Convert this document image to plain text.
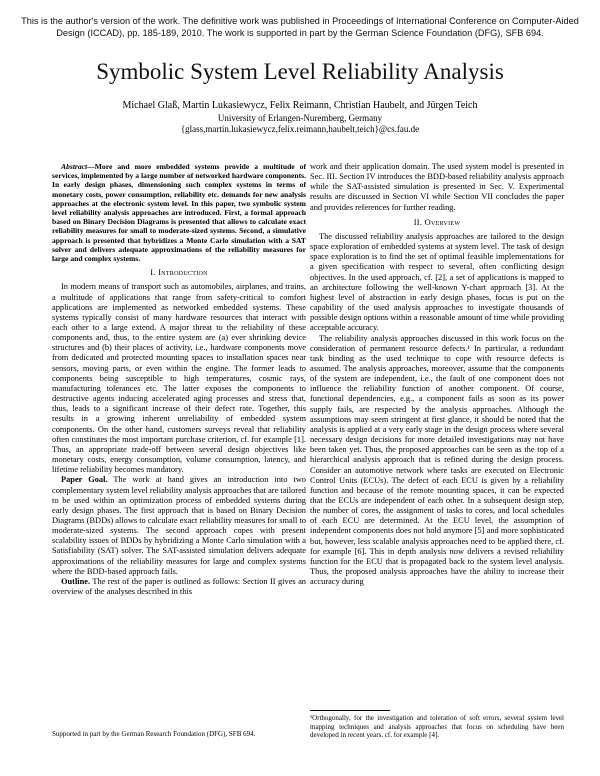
This is the author's version of the work. The definitive work was published in Proceedings of International Conference on Computer-Aided Design (ICCAD), pp. 185-189, 2010. The work is supported in part by the German Science Foundation (DFG), SFB 694.
Symbolic System Level Reliability Analysis
Michael Glaß, Martin Lukasiewycz, Felix Reimann, Christian Haubelt, and Jürgen Teich
University of Erlangen-Nuremberg, Germany
{glass,martin.lukasiewycz,felix.reimann,haubelt,teich}@cs.fau.de

Abstract—More and more embedded systems provide a multitude of services, implemented by a large number of networked hardware components. In early design phases, dimensioning such complex systems in terms of monetary costs, power consumption, reliability etc. demands for new analysis approaches at the electronic system level. In this paper, two symbolic system level reliability analysis approaches are introduced. First, a formal approach based on Binary Decision Diagrams is presented that allows to calculate exact reliability measures for small to moderate-sized systems. Second, a simulative approach is presented that hybridizes a Monte Carlo simulation with a SAT solver and delivers adequate approximations of the reliability measures for large and complex systems.

I. Introduction

In modern means of transport such as automobiles, airplanes, and trains, a multitude of applications that range from safety-critical to comfort applications are implemented as networked embedded systems. These systems typically consist of many hardware resources that interact with each other to a large extend. A major threat to the reliability of these components and, thus, to the entire system are (a) ever shrinking device structures and (b) their places of activity, i.e., hardware components move from dedicated and protected mounting spaces to installation spaces near sensors, moving parts, or even within the engine. The former leads to components being susceptible to high temperatures, cosmic rays, manufacturing tolerances etc. The latter exposes the components to destructive agents inducing accelerated aging processes and stress that, thus, leads to a significant increase of their defect rate. Together, this results in a growing inherent unreliability of embedded system components. On the other hand, customers surveys reveal that reliability often constitutes the most important purchase criterion, cf. for example [1]. Thus, an appropriate trade-off between several design objectives like monetary costs, energy consumption, volume consumption, latency, and lifetime reliability becomes mandatory.

Paper Goal. The work at hand gives an introduction into two complementary system level reliability analysis approaches that are tailored to be used within an optimization process of embedded systems during early design phases. The first approach that is based on Binary Decision Diagrams (BDDs) allows to calculate exact reliability measures for small to moderate-sized systems. The second approach copes with present scalability issues of BDDs by hybridizing a Monte Carlo simulation with a Satisfiability (SAT) solver. The SAT-assisted simulation delivers adequate approximations of the reliability measures for large and complex systems where the BDD-based approach fails.

Outline. The rest of the paper is outlined as follows: Section II gives an overview of the analyses described in this

Supported in part by the German Research Foundation (DFG), SFB 694.

work and their application domain. The used system model is presented in Sec. III. Section IV introduces the BDD-based reliability analysis approach while the SAT-assisted simulation is presented in Sec. V. Experimental results are discussed in Section VI while Section VII concludes the paper and provides references for further reading.

II. Overview

The discussed reliability analysis approaches are tailored to the design space exploration of embedded systems at system level. The task of design space exploration is to find the set of optimal feasible implementations for a given specification with respect to several, often conflicting design objectives. In the used approach, cf. [2], a set of applications is mapped to an architecture following the well-known Y-chart approach [3]. At the highest level of abstraction in early design phases, focus is put on the capability of the used analysis approaches to investigate thousands of possible design options within a reasonable amount of time while providing acceptable accuracy.

The reliability analysis approaches discussed in this work focus on the consideration of permanent resource defects.¹ In particular, a redundant task binding as the used technique to cope with resource defects is assumed. The analysis approaches, moreover, assume that the components of the system are independent, i.e., the fault of one component does not influence the reliability function of another component. Of course, functional dependencies, e.g., a component fails as soon as its power supply fails, are respected by the analysis approaches. Although the assumptions may seem stringent at first glance, it should be noted that the analysis is applied at a very early stage in the design process where several necessary design decisions for more detailed investigations may not have been taken yet. Thus, the proposed approaches can be seen as the top of a hierarchical analysis approach that is refined during the design process. Consider an automotive network where tasks are executed on Electronic Control Units (ECUs). The defect of each ECU is given by a reliability function and because of the remote mounting spaces, it can be expected that the ECUs are independent of each other. In a subsequent design step, the number of cores, the assignment of tasks to cores, and local schedules of each ECU are determined. At the ECU level, the assumption of independent components does not hold anymore [5] and more sophisticated but, however, less scalable analysis approaches need to be applied there, cf. for example [6]. This in depth analysis now delivers a revised reliability function for the ECU that is propagated back to the system level analysis. Thus, the proposed analysis approaches have the ability to increase their accuracy during

¹Orthogonally, for the investigation and toleration of soft errors, several system level mapping techniques and analysis approaches that focus on scheduling have been developed in recent years, cf. for example [4].
